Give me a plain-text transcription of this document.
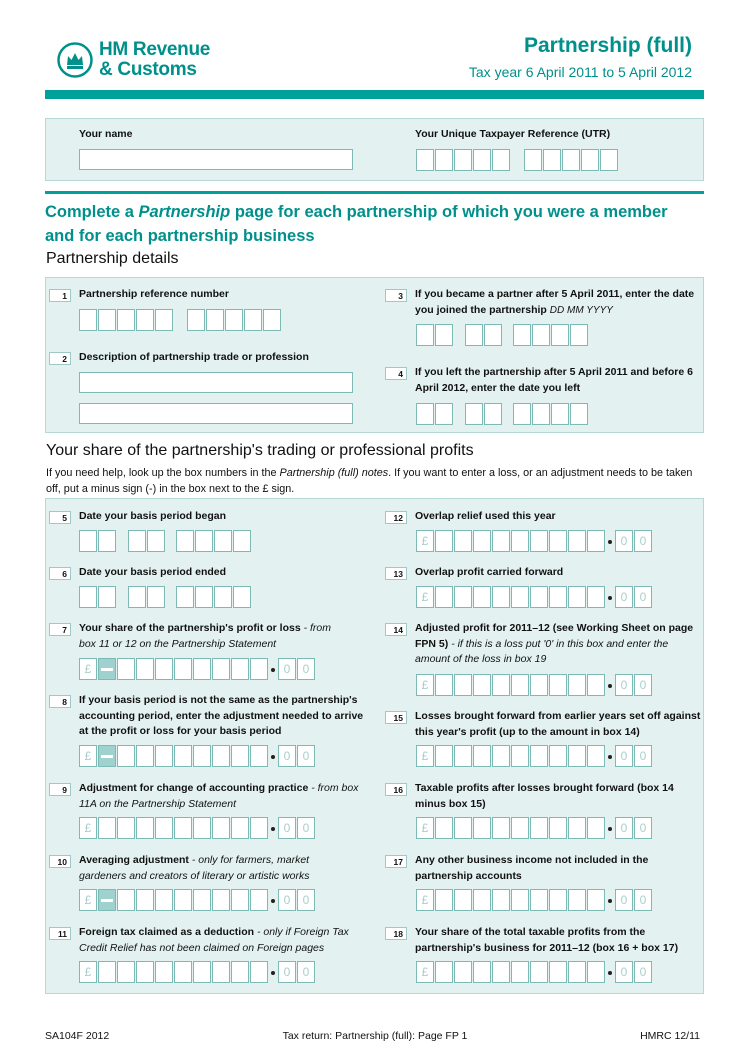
HM Revenue
& Customs
Partnership (full)
Tax year 6 April 2011 to 5 April 2012
Your name	Your Unique Taxpayer Reference (UTR)
Complete a Partnership page for each partnership of which you were a member and for each partnership business
Partnership details
1	Partnership reference number
2	Description of partnership trade or profession
3	If you became a partner after 5 April 2011, enter the date you joined the partnership DD MM YYYY
4	If you left the partnership after 5 April 2011 and before 6 April 2012, enter the date you left
Your share of the partnership's trading or professional profits
If you need help, look up the box numbers in the Partnership (full) notes. If you want to enter a loss, or an adjustment needs to be taken off, put a minus sign (-) in the box next to the £ sign.
SA104F 2012	Tax return: Partnership (full): Page FP 1	HMRC 12/11
5	Date your basis period began
6	Date your basis period ended
7	Your share of the partnership's profit or loss - from box 11 or 12 on the Partnership Statement
£	0	0
8	If your basis period is not the same as the partnership's accounting period, enter the adjustment needed to arrive at the profit or loss for your basis period
£	0	0
9	Adjustment for change of accounting practice - from box 11A on the Partnership Statement
£	0	0
10	Averaging adjustment - only for farmers, market gardeners and creators of literary or artistic works
£	0	0
11	Foreign tax claimed as a deduction - only if Foreign Tax Credit Relief has not been claimed on Foreign pages
£	0	0
12	Overlap relief used this year
£	0	0
13	Overlap profit carried forward
£	0	0
14	Adjusted profit for 2011–12 (see Working Sheet on page FPN 5) - if this is a loss put '0' in this box and enter the amount of the loss in box 19
£	0	0
15	Losses brought forward from earlier years set off against this year's profit (up to the amount in box 14)
£	0	0
16	Taxable profits after losses brought forward (box 14 minus box 15)
£	0	0
17	Any other business income not included in the partnership accounts
£	0	0
18	Your share of the total taxable profits from the partnership's business for 2011–12 (box 16 + box 17)
£	0	0
